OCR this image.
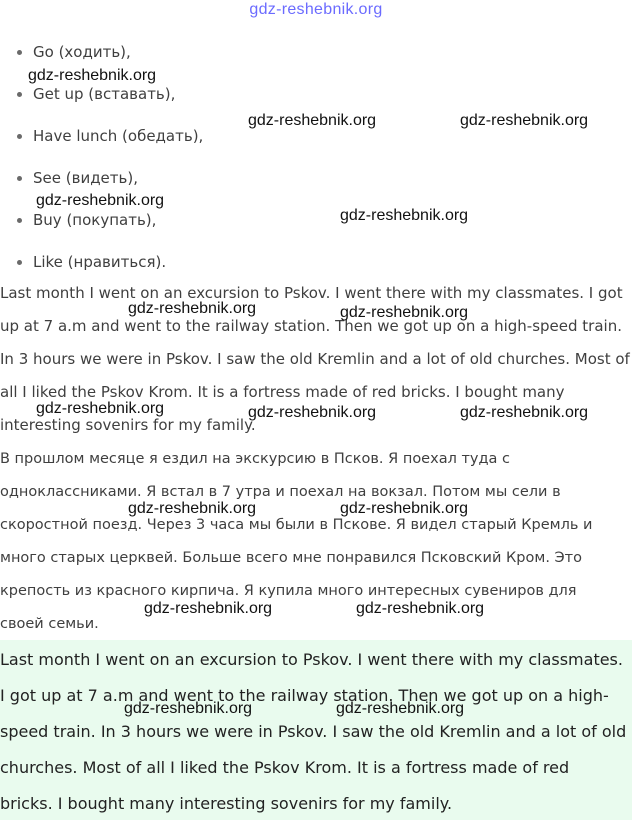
gdz-reshebnik.org
Go (ходить),
Get up (вставать),
Have lunch (обедать),
See (видеть),
Buy (покупать),
Like (нравиться).
Last month I went on an excursion to Pskov. I went there with my classmates. I got
up at 7 a.m and went to the railway station. Then we got up on a high-speed train.
In 3 hours we were in Pskov. I saw the old Kremlin and a lot of old churches. Most of
all I liked the Pskov Krom. It is a fortress made of red bricks. I bought many
interesting sovenirs for my family.
В прошлом месяце я ездил на экскурсию в Псков. Я поехал туда с
одноклассниками. Я встал в 7 утра и поехал на вокзал. Потом мы сели в
скоростной поезд. Через 3 часа мы были в Пскове. Я видел старый Кремль и
много старых церквей. Больше всего мне понравился Псковский Кром. Это
крепость из красного кирпича. Я купила много интересных сувениров для
своей семьи.
Last month I went on an excursion to Pskov. I went there with my classmates.
I got up at 7 a.m and went to the railway station. Then we got up on a high-
speed train. In 3 hours we were in Pskov. I saw the old Kremlin and a lot of old
churches. Most of all I liked the Pskov Krom. It is a fortress made of red
bricks. I bought many interesting sovenirs for my family.
gdz-reshebnik.org
gdz-reshebnik.org	gdz-reshebnik.org
gdz-reshebnik.org
gdz-reshebnik.org
gdz-reshebnik.org	gdz-reshebnik.org
gdz-reshebnik.org	gdz-reshebnik.org	gdz-reshebnik.org
gdz-reshebnik.org	gdz-reshebnik.org
gdz-reshebnik.org	gdz-reshebnik.org
gdz-reshebnik.org	gdz-reshebnik.org
